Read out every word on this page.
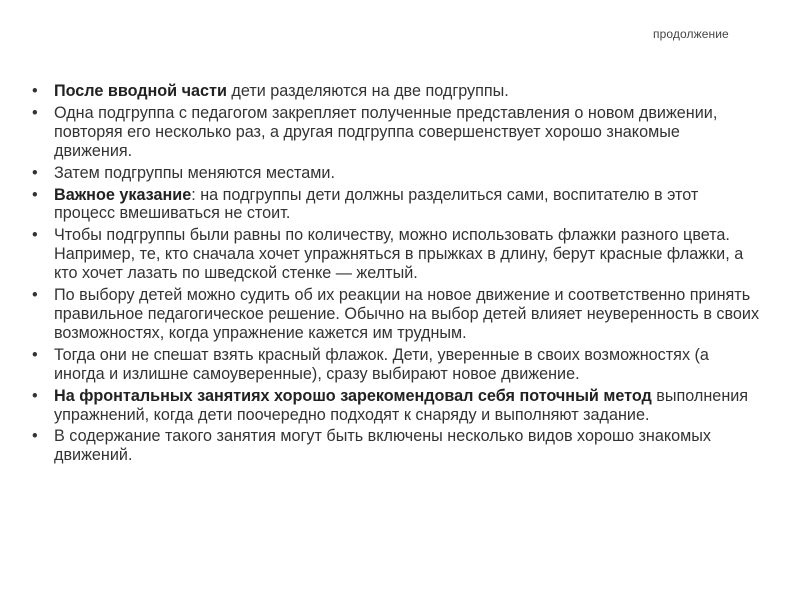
продолжение
•	После вводной части дети разделяются на две подгруппы.
•	Одна подгруппа с педагогом закрепляет полученные представления о новом движении, повторяя его несколько раз, а другая подгруппа совершенствует хорошо знакомые движения.
•	Затем подгруппы меняются местами.
•	Важное указание: на подгруппы дети должны разделиться сами, воспитателю в этот процесс вмешиваться не стоит.
•	Чтобы подгруппы были равны по количеству, можно использовать флажки разного цвета. Например, те, кто сначала хочет упражняться в прыжках в длину, берут красные флажки, а кто хочет лазать по шведской стенке — желтый.
•	По выбору детей можно судить об их реакции на новое движение и соответственно принять правильное педагогическое решение. Обычно на выбор детей влияет неуверенность в своих возможностях, когда упражнение кажется им трудным.
•	Тогда они не спешат взять красный флажок. Дети, уверенные в своих возможностях (а иногда и излишне самоуверенные), сразу выбирают новое движение.
•	На фронтальных занятиях хорошо зарекомендовал себя поточный метод выполнения упражнений, когда дети поочередно подходят к снаряду и выполняют задание.
•	В содержание такого занятия могут быть включены несколько видов хорошо знакомых движений.
